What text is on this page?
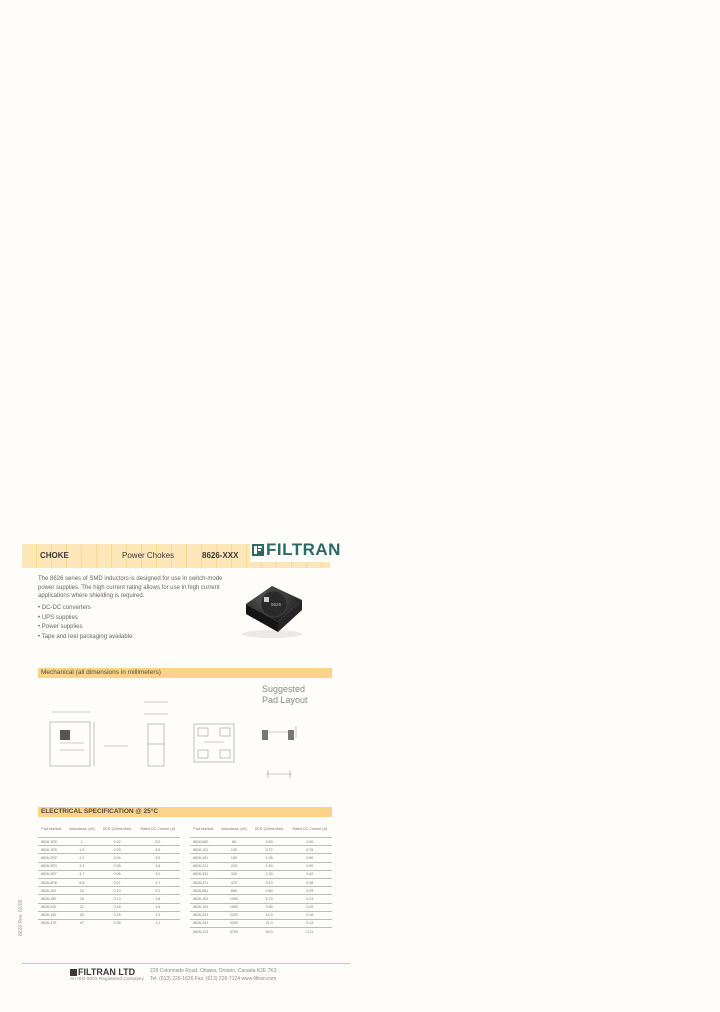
CHOKE	Power Chokes	8626-XXX FILTRAN
The 8626 series of SMD inductors is designed for use in switch-mode power supplies. The high current rating allows for use in high current applications where shielding is required.
• DC-DC converters
• UPS supplies
• Power supplies
• Tape and reel packaging available
8626
Mechanical (all dimensions in millimeters)
Suggested
Pad Layout
ELECTRICAL SPECIFICATION @ 25°C
Part Number	Inductance (uH)	DCR (Ohms Max)	Rated DC Current (A)
8626-1R0	1	0.02	5.0
8626-1R5	1.5	0.03	4.5
8626-2R2	2.2	0.04	4.0
8626-3R3	3.3	0.05	3.6
8626-4R7	4.7	0.06	3.0
8626-6R8	6.8	0.07	2.7
8626-100	10	0.10	2.2
8626-150	15	0.13	1.8
8626-220	22	0.18	1.5
8626-330	33	0.25	1.3
8626-470	47	0.35	1.1
Part Number	Inductance (uH)	DCR (Ohms Max)	Rated DC Current (A)
8626-680	68	0.50	0.90
8626-101	100	0.72	0.75
8626-151	150	1.05	0.60
8626-221	220	1.50	0.50
8626-331	330	2.20	0.42
8626-471	470	3.10	0.35
8626-681	680	4.60	0.29
8626-102	1000	6.70	0.24
8626-152	1500	9.80	0.20
8626-222	2200	14.0	0.16
8626-332	3300	21.0	0.13
8626-472	4700	30.0	0.11
8626 Rev. 02/05
FILTRAN LTD
An ISO 9001 Registered Company
229 Colonnade Road, Ottawa, Ontario, Canada K2E 7K3
Tel: (613) 226-1626 Fax: (613) 226-7124 www.filtran.com
